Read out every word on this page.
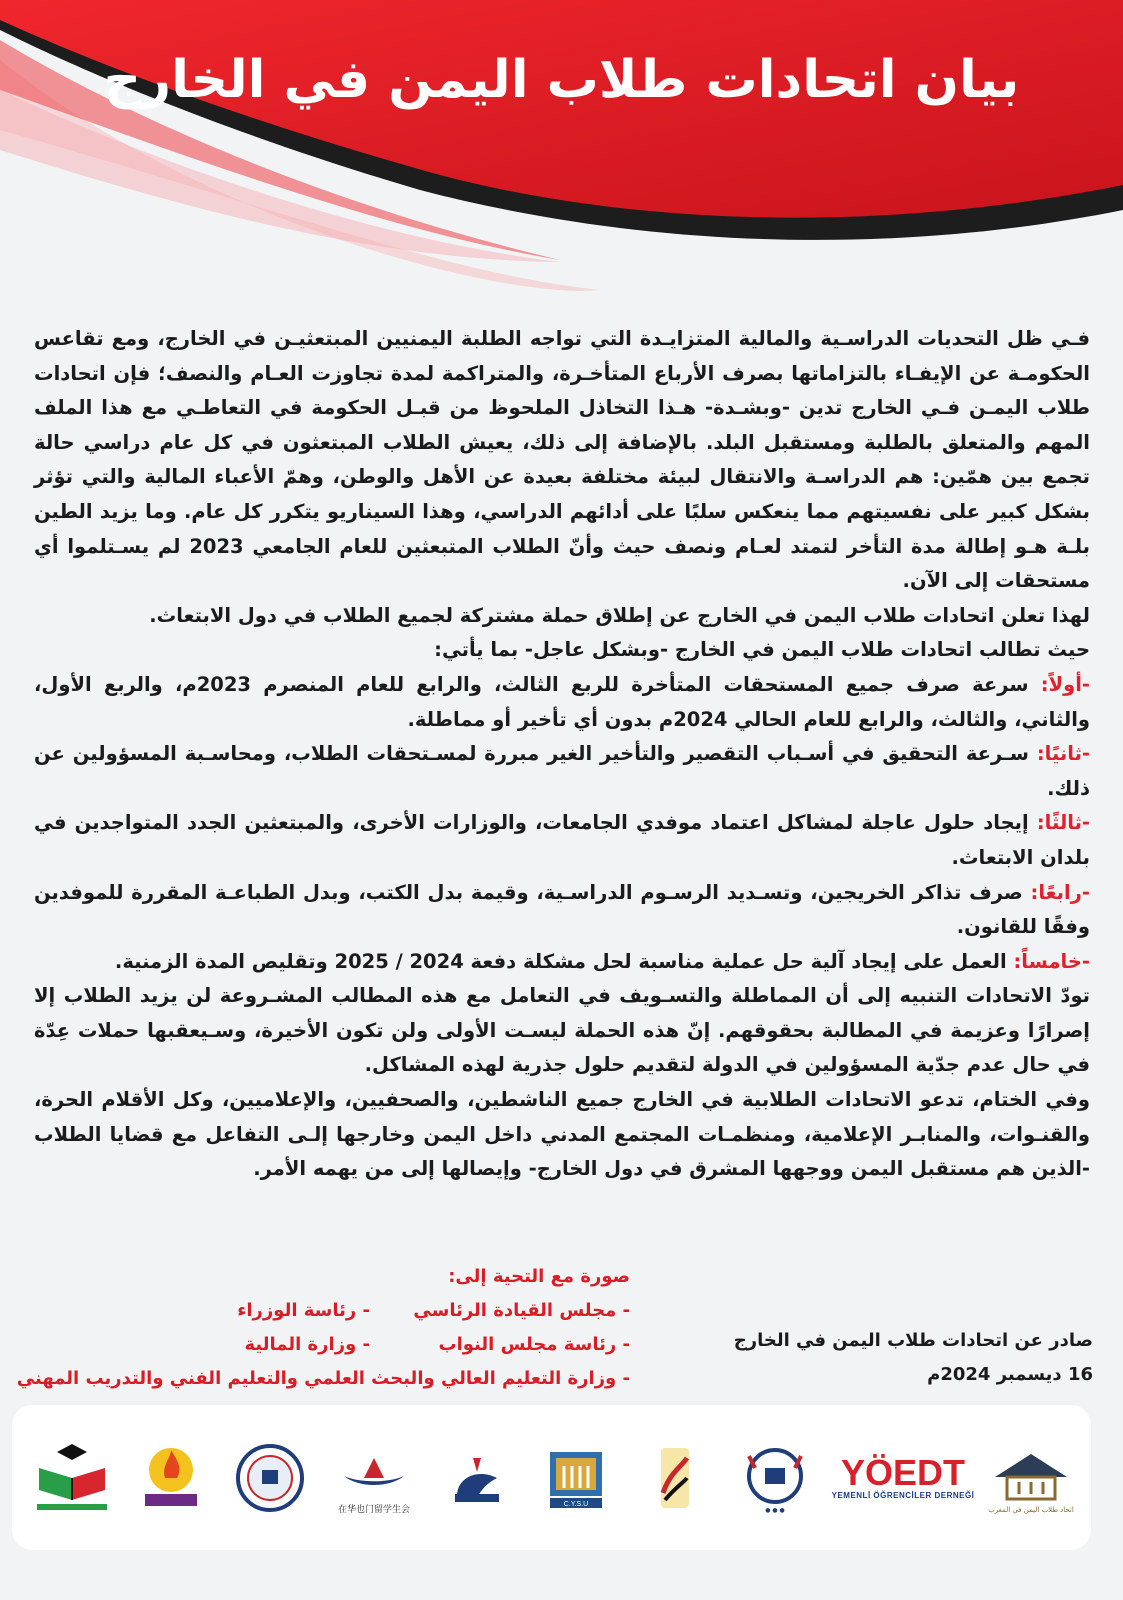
بيان اتحادات طلاب اليمن في الخارج

فـي ظل التحديات الدراسـية والمالية المتزايـدة التي تواجه الطلبة اليمنيين المبتعثيـن في الخارج، ومع تقاعس الحكومـة عن الإيفـاء بالتزاماتها بصرف الأرباع المتأخـرة، والمتراكمة لمدة تجاوزت العـام والنصف؛ فإن اتحادات طلاب اليمـن فـي الخارج تدين -وبشـدة- هـذا التخاذل الملحوظ من قبـل الحكومة في التعاطـي مع هذا الملف المهم والمتعلق بالطلبة ومستقبل البلد. بالإضافة إلى ذلك، يعيش الطلاب المبتعثون في كل عام دراسي حالة تجمع بين همّين: هم الدراسـة والانتقال لبيئة مختلفة بعيدة عن الأهل والوطن، وهمّ الأعباء المالية والتي تؤثر بشكل كبير على نفسيتهم مما ينعكس سلبًا على أدائهم الدراسي، وهذا السيناريو يتكرر كل عام. وما يزيد الطين بلـة هـو إطالة مدة التأخر لتمتد لعـام ونصف حيث وأنّ الطلاب المتبعثين للعام الجامعي 2023 لم يسـتلموا أي مستحقات إلى الآن.

لهذا تعلن اتحادات طلاب اليمن في الخارج عن إطلاق حملة مشتركة لجميع الطلاب في دول الابتعاث.

حيث تطالب اتحادات طلاب اليمن في الخارج -وبشكل عاجل- بما يأتي:

-أولاً: سرعة صرف جميع المستحقات المتأخرة للربع الثالث، والرابع للعام المنصرم 2023م، والربع الأول، والثاني، والثالث، والرابع للعام الحالي 2024م بدون أي تأخير أو مماطلة.

-ثانيًا: سـرعة التحقيق في أسـباب التقصير والتأخير الغير مبررة لمسـتحقات الطلاب، ومحاسـبة المسؤولين عن ذلك.

-ثالثًا: إيجاد حلول عاجلة لمشاكل اعتماد موفدي الجامعات، والوزارات الأخرى، والمبتعثين الجدد المتواجدين في بلدان الابتعاث.

-رابعًا: صرف تذاكر الخريجين، وتسـديد الرسـوم الدراسـية، وقيمة بدل الكتب، وبدل الطباعـة المقررة للموفدين وفقًا للقانون.

-خامساً: العمل على إيجاد آلية حل عملية مناسبة لحل مشكلة دفعة 2024 / 2025 وتقليص المدة الزمنية.

تودّ الاتحادات التنبيه إلى أن المماطلة والتسـويف في التعامل مع هذه المطالب المشـروعة لن يزيد الطلاب إلا إصرارًا وعزيمة في المطالبة بحقوقهم. إنّ هذه الحملة ليسـت الأولى ولن تكون الأخيرة، وسـيعقبها حملات عِدّة في حال عدم جدّية المسؤولين في الدولة لتقديم حلول جذرية لهذه المشاكل.

وفي الختام، تدعو الاتحادات الطلابية في الخارج جميع الناشطين، والصحفيين، والإعلاميين، وكل الأقلام الحرة، والقنـوات، والمنابـر الإعلامية، ومنظمـات المجتمع المدني داخل اليمن وخارجها إلـى التفاعل مع قضايا الطلاب -الذين هم مستقبل اليمن ووجهها المشرق في دول الخارج- وإيصالها إلى من يهمه الأمر.

صورة مع التحية إلى:
- مجلس القيادة الرئاسي
- رئاسة الوزراء
- رئاسة مجلس النواب
- وزارة المالية
- وزارة التعليم العالي والبحث العلمي والتعليم الفني والتدريب المهني
صادر عن اتحادات طلاب اليمن في الخارج
16 ديسمبر 2024م
اتحاد طلاب اليمن في المغرب
YÖEDT
YEMENLİ ÖĞRENCİLER DERNEĞİ
● ● ●
C.Y.S.U
在华也门留学生会
